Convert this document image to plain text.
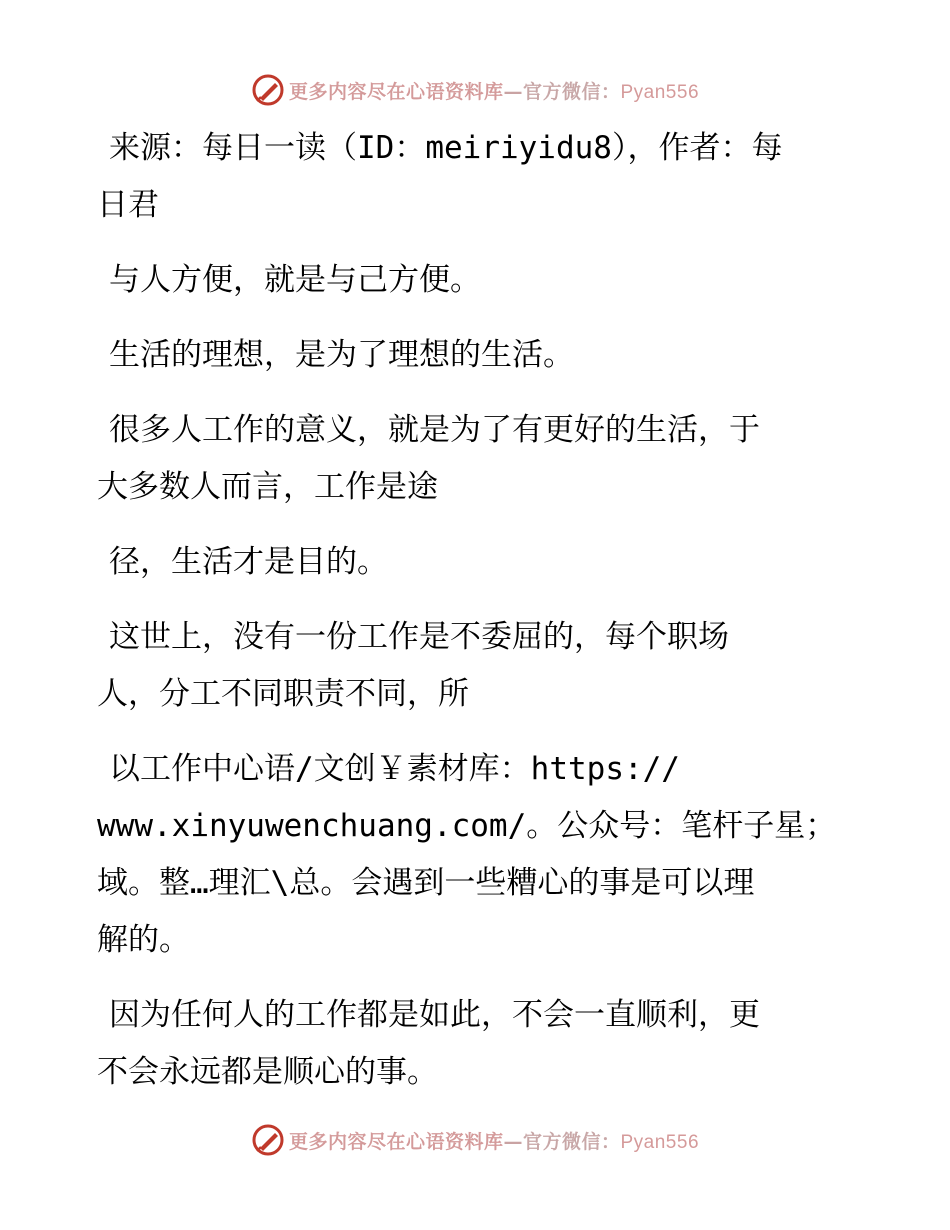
更多内容尽在心语资料库—官方微信：Pyan556
来源：每日一读（ID：meiriyidu8），作者：每
日君
与人方便，就是与己方便。
生活的理想，是为了理想的生活。
很多人工作的意义，就是为了有更好的生活，于
大多数人而言，工作是途
径，生活才是目的。
这世上，没有一份工作是不委屈的，每个职场
人，分工不同职责不同，所
以工作中心语/文创￥素材库：https://
www.xinyuwenchuang.com/。公众号：笔杆子星；
域。整…理汇\总。会遇到一些糟心的事是可以理
解的。
因为任何人的工作都是如此，不会一直顺利，更
不会永远都是顺心的事。
更多内容尽在心语资料库—官方微信：Pyan556
